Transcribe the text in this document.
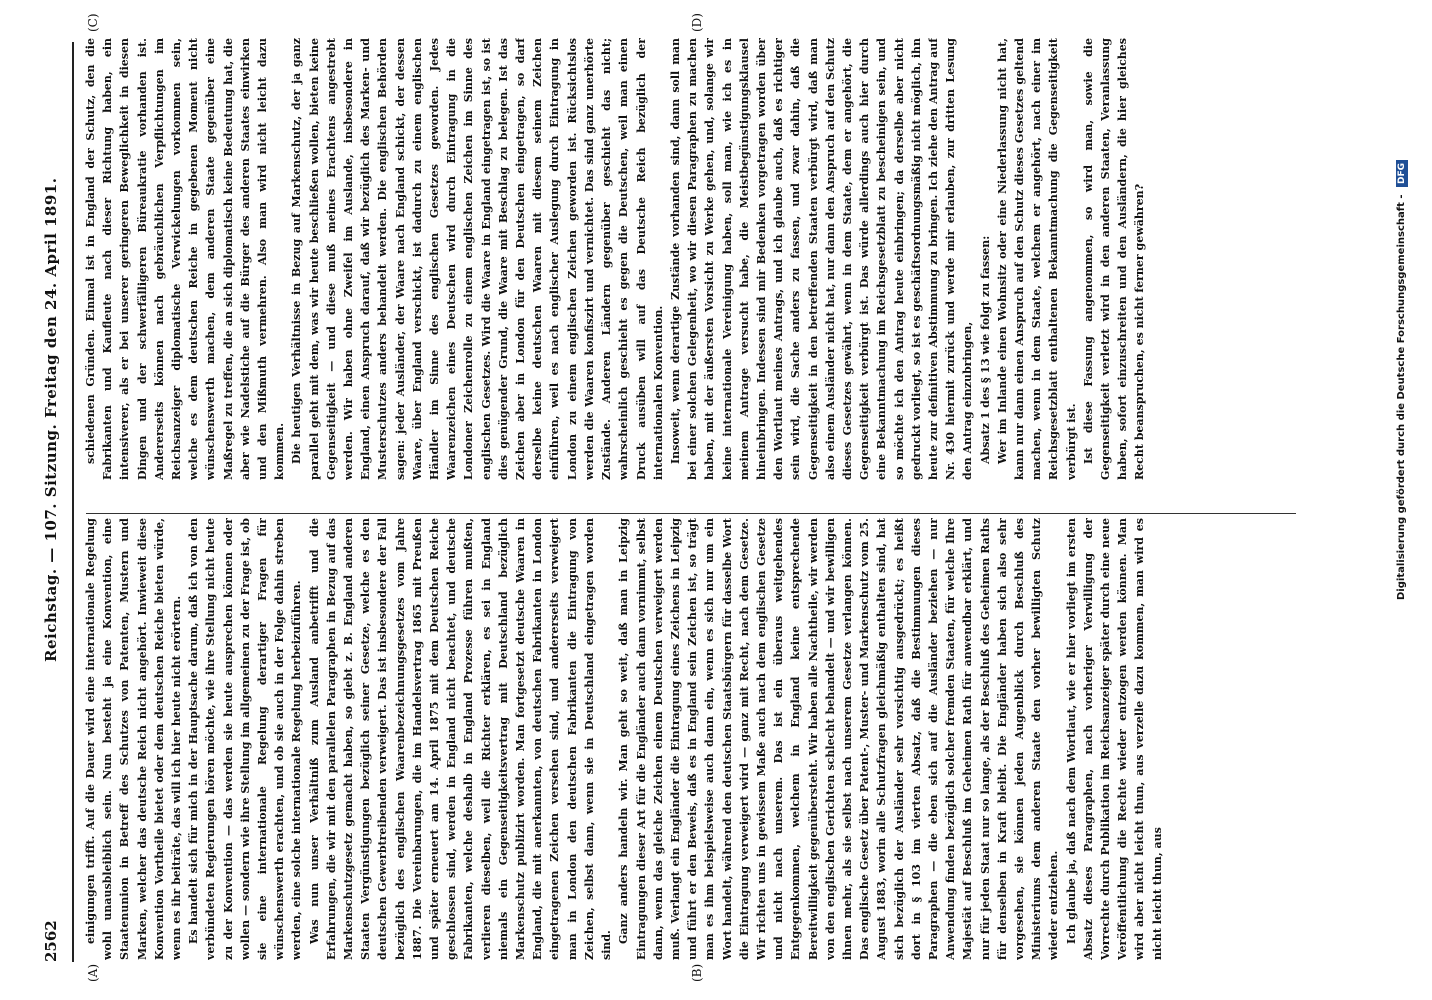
2562
Reichstag. — 107. Sitzung. Freitag den 24. April 1891.
(A)	(B)
(C)	(D)

einigungen trifft. Auf die Dauer wird eine internationale Regelung wohl unausbleiblich sein. Nun besteht ja eine Konvention, eine Staatenunion in Betreff des Schutzes von Patenten, Mustern und Marken, welcher das deutsche Reich nicht angehört. Inwieweit diese Konvention Vortheile bietet oder dem deutschen Reiche bieten würde, wenn es ihr beiträte, das will ich hier heute nicht erörtern. Es handelt sich für mich in der Hauptsache darum, daß ich von den verbündeten Regierungen hören möchte, wie ihre Stellung nicht heute zu der Konvention — das werden sie heute ausprechen können oder wollen — sondern wie ihre Stellung im allgemeinen zu der Frage ist, ob sie eine internationale Regelung derartiger Fragen für wünschenswerth erachten, und ob sie auch in der Folge dahin streben werden, eine solche internationale Regelung herbeizuführen. Was nun unser Verhältniß zum Ausland anbetrifft und die Erfahrungen, die wir mit den parallelen Paragraphen in Bezug auf das Markenschutzgesetz gemacht haben, so giebt z. B. England anderen Staaten Vergünstigungen bezüglich seiner Gesetze, welche es den deutschen Gewerbtreibenden verweigert. Das ist insbesondere der Fall bezüglich des englischen Waarenbezeichnungsgesetzes vom Jahre 1887. Die Vereinbarungen, die im Handelsvertrag 1865 mit Preußen und später erneuert am 14. April 1875 mit dem Deutschen Reiche geschlossen sind, werden in England nicht beachtet, und deutsche Fabrikanten, welche deshalb in England Prozesse führen mußten, verlieren dieselben, weil die Richter erklären, es sei in England niemals ein Gegenseitigkeitsvertrag mit Deutschland bezüglich Markenschutz publizirt worden. Man fortgesetzt deutsche Waaren in England, die mit anerkannten, von deutschen Fabrikanten in London eingetragenen Zeichen versehen sind, und andererseits verweigert man in London den deutschen Fabrikanten die Eintragung von Zeichen, selbst dann, wenn sie in Deutschland eingetragen worden sind.

Ganz anders handeln wir. Man geht so weit, daß man in Leipzig Eintragungen dieser Art für die Engländer auch dann vornimmt, selbst dann, wenn das gleiche Zeichen einem Deutschen verweigert werden muß. Verlangt ein Engländer die Eintragung eines Zeichens in Leipzig und führt er den Beweis, daß es in England sein Zeichen ist, so trägt man es ihm beispielsweise auch dann ein, wenn es sich nur um ein Wort handelt, während den deutschen Staatsbürgern für dasselbe Wort die Eintragung verweigert wird — ganz mit Recht, nach dem Gesetze. Wir richten uns in gewissem Maße auch nach dem englischen Gesetze und nicht nach unserem. Das ist ein überaus weitgehendes Entgegenkommen, welchem in England keine entsprechende Bereitwilligkeit gegenübersteht. Wir haben alle Nachtheile, wir werden von den englischen Gerichten schlecht behandelt — und wir bewilligen ihnen mehr, als sie selbst nach unserem Gesetze verlangen können. Das englische Gesetz über Patent-, Muster- und Markenschutz vom 25. August 1883, worin alle Schutzfragen gleichmäßig enthalten sind, hat sich bezüglich der Ausländer sehr vorsichtig ausgedrückt; es heißt dort in § 103 im vierten Absatz, daß die Bestimmungen dieses Paragraphen — die eben sich auf die Ausländer beziehen — nur Anwendung finden bezüglich solcher fremden Staaten, für welche Ihre Majestät auf Beschluß im Geheimen Rath für anwendbar erklärt, und nur für jeden Staat nur so lange, als der Beschluß des Geheimen Raths für denselben in Kraft bleibt. Die Engländer haben sich also sehr vorgesehen, sie können jeden Augenblick durch Beschluß des Ministeriums dem anderen Staate den vorher bewilligten Schutz wieder entziehen. Ich glaube ja, daß nach dem Wortlaut, wie er hier vorliegt im ersten Absatz dieses Paragraphen, nach vorheriger Verwilligung der Vorrechte durch Publikation im Reichsanzeiger später durch eine neue Veröffentlichung die Rechte wieder entzogen werden können. Man wird aber nicht leicht thun, aus verzelle dazu kommen, man wird es nicht leicht thun, aus

schiedenen Gründen. Einmal ist in England der Schutz, den die Fabrikanten und Kaufleute nach dieser Richtung haben, ein intensiverer, als er bei unserer geringeren Beweglichkeit in diesen Dingen und der schwerfälligeren Büreaukratie vorhanden ist. Andererseits können nach gebräuchlichen Verpflichtungen im Reichsanzeiger diplomatische Verwickelungen vorkommen sein, welche es dem deutschen Reiche in gegebenen Moment nicht wünschenswerth machen, dem anderen Staate gegenüber eine Maßregel zu treffen, die an sich diplomatisch keine Bedeutung hat, die aber wie Nadelstiche auf die Bürger des anderen Staates einwirken und den Mißmuth vermehren. Also man wird nicht leicht dazu kommen. Die heutigen Verhältnisse in Bezug auf Markenschutz, der ja ganz parallel geht mit dem, was wir heute beschließen wollen, bieten keine Gegenseitigkeit — und diese muß meines Erachtens angestrebt werden. Wir haben ohne Zweifel im Auslande, insbesondere in England, einen Anspruch darauf, daß wir bezüglich des Marken- und Musterschutzes anders behandelt werden. Die englischen Behörden sagen: jeder Ausländer, der Waare nach England schickt, der dessen Waare, über England verschickt, ist dadurch zu einem englischen Händler im Sinne des englischen Gesetzes geworden. Jedes Waarenzeichen eines Deutschen wird durch Eintragung in die Londoner Zeichenrolle zu einem englischen Zeichen im Sinne des englischen Gesetzes. Wird die Waare in England eingetragen ist, so ist dies genügender Grund, die Waare mit Beschlag zu belegen. Ist das Zeichen aber in London für den Deutschen eingetragen, so darf derselbe keine deutschen Waaren mit diesem seinem Zeichen einführen, weil es nach englischer Auslegung durch Eintragung in London zu einem englischen Zeichen geworden ist. Rücksichtslos werden die Waaren konfiszirt und vernichtet. Das sind ganz unerhörte Zustände. Anderen Ländern gegenüber geschieht das nicht; wahrscheinlich geschieht es gegen die Deutschen, weil man einen Druck ausüben will auf das Deutsche Reich bezüglich der internationalen Konvention. Insoweit, wenn derartige Zustände vorhanden sind, dann soll man bei einer solchen Gelegenheit, wo wir diesen Paragraphen zu machen haben, mit der äußersten Vorsicht zu Werke gehen, und, solange wir keine internationale Vereinigung haben, soll man, wie ich es in meinem Antrage versucht habe, die Meistbegünstigungsklausel hineinbringen. Indessen sind mir Bedenken vorgetragen worden über den Wortlaut meines Antrags, und ich glaube auch, daß es richtiger sein wird, die Sache anders zu fassen, und zwar dahin, daß die Gegenseitigkeit in den betreffenden Staaten verbürgt wird, daß man also einem Ausländer nicht hat, nur dann den Anspruch auf den Schutz dieses Gesetzes gewährt, wenn in dem Staate, dem er angehört, die Gegenseitigkeit verbürgt ist. Das würde allerdings auch hier durch eine Bekanntmachung im Reichsgesetzblatt zu bescheinigen sein, und so möchte ich den Antrag heute einbringen; da derselbe aber nicht gedruckt vorliegt, so ist es geschäftsordnungsmäßig nicht möglich, ihn heute zur definitiven Abstimmung zu bringen. Ich ziehe den Antrag auf Nr. 430 hiermit zurück und werde mir erlauben, zur dritten Lesung den Antrag einzubringen, Absatz 1 des § 13 wie folgt zu fassen: Wer im Inlande einen Wohnsitz oder eine Niederlassung nicht hat, kann nur dann einen Anspruch auf den Schutz dieses Gesetzes geltend machen, wenn in dem Staate, welchem er angehört, nach einer im Reichsgesetzblatt enthaltenen Bekanntmachung die Gegenseitigkeit verbürgt ist. Ist diese Fassung angenommen, so wird man, sowie die Gegenseitigkeit verletzt wird in den anderen Staaten, Veranlassung haben, sofort einzuschreiten und den Ausländern, die hier gleiches Recht beanspruchen, es nicht ferner gewähren?	Digitalisierung gefördert durch die Deutsche Forschungsgemeinschaft - DFG
